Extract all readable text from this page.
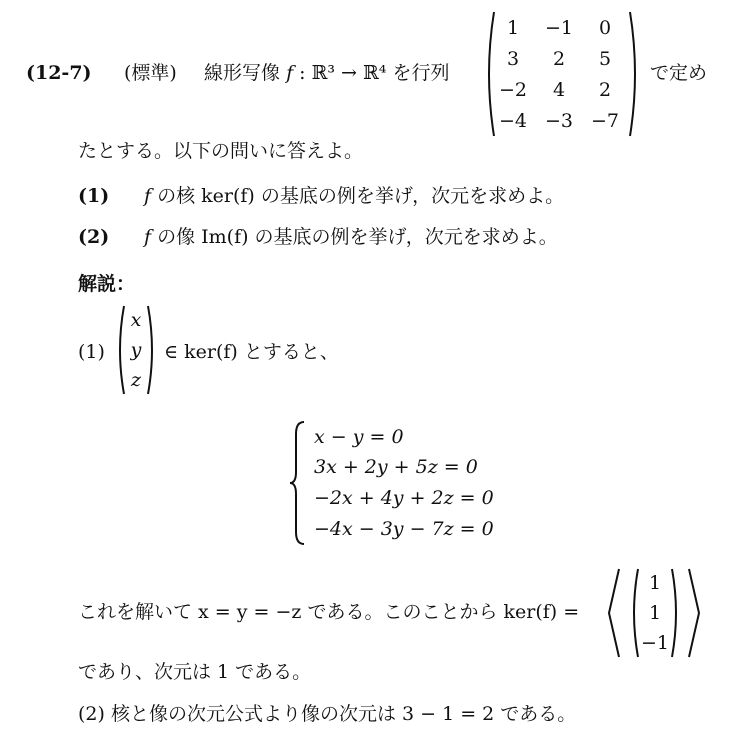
(12-7) (標準) 線形写像 f : ℝ³ → ℝ⁴ を行列
1	−1	0
3	2	5
−2	4	2
−4 −3 −7
で定め
たとする。以下の問いに答えよ。
(1) f の核 ker(f) の基底の例を挙げ，次元を求めよ。
(2) f の像 Im(f) の基底の例を挙げ，次元を求めよ。
解説：
(1)
x
y
z
∈ ker(f) とすると、
x − y = 0
3x + 2y + 5z = 0
−2x + 4y + 2z = 0
−4x − 3y − 7z = 0
これを解いて x = y = −z である。このことから ker(f) =
1
1
−1
であり、次元は 1 である。
(2) 核と像の次元公式より像の次元は 3 − 1 = 2 である。
